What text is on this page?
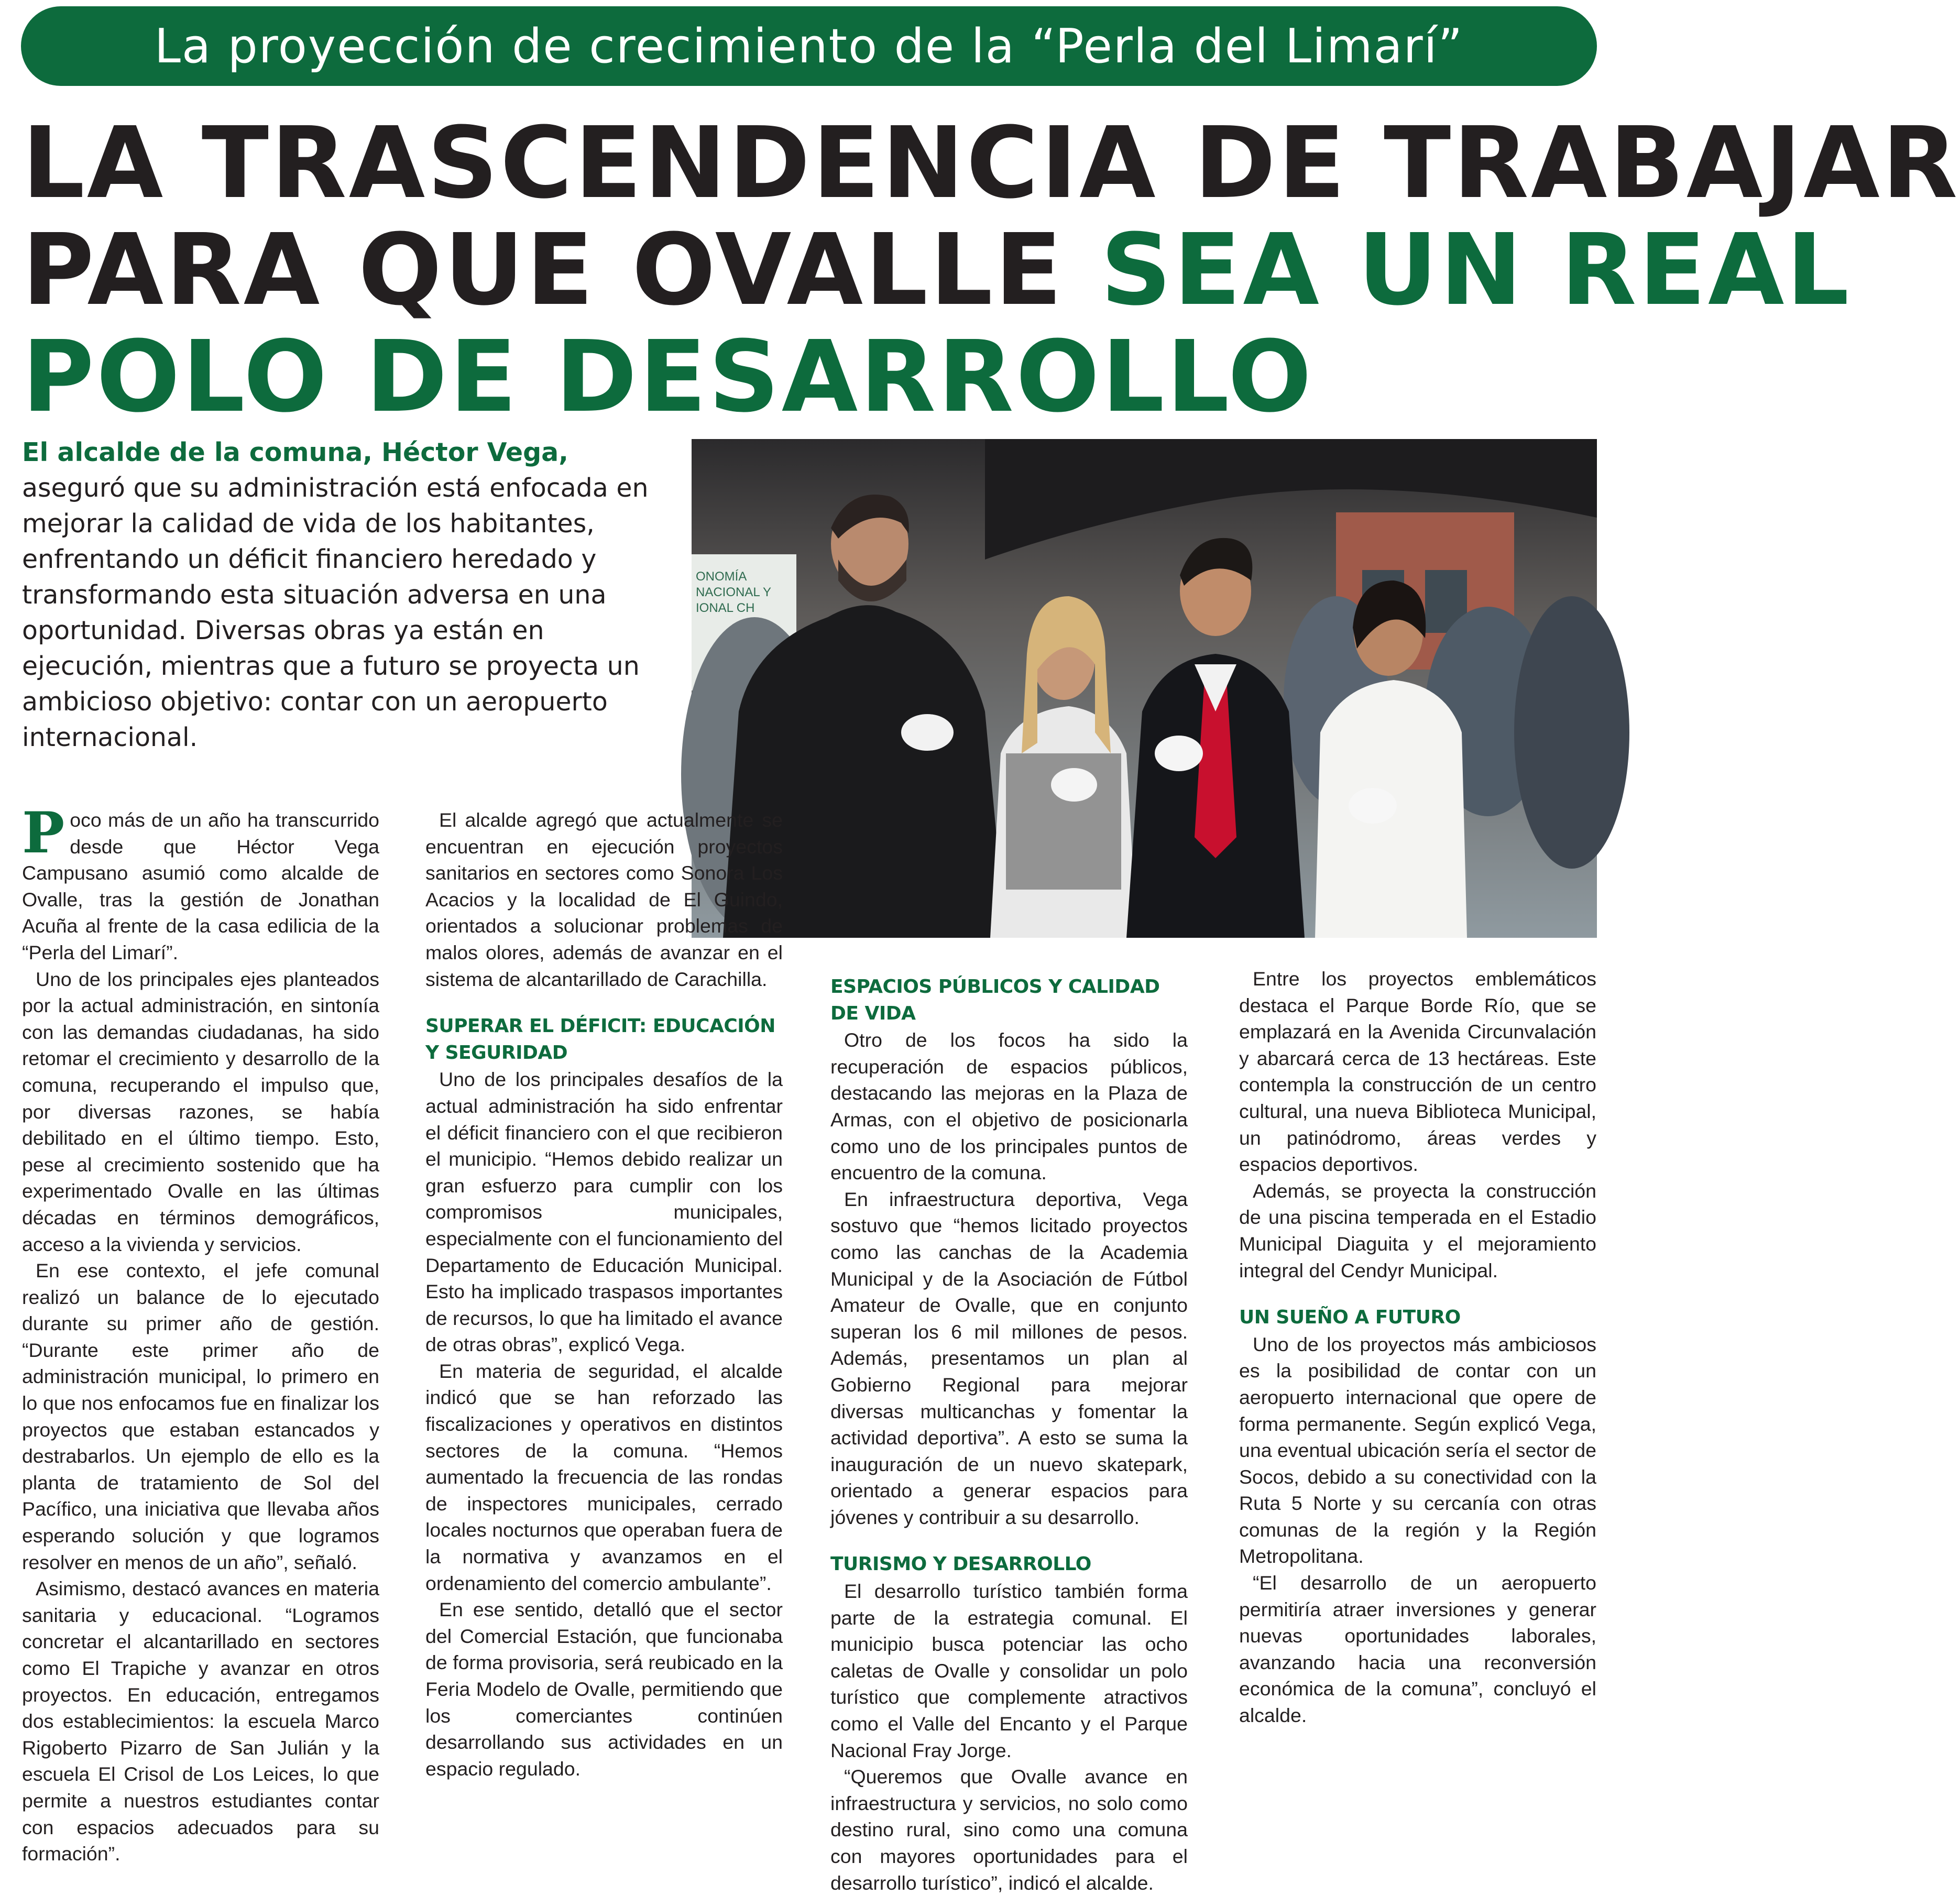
La proyección de crecimiento de la “Perla del Limarí”
LA TRASCENDENCIA DE TRABAJAR
PARA QUE OVALLE SEA UN REAL
POLO DE DESARROLLO

El alcalde de la comuna, Héctor Vega, aseguró que su administración está enfocada en mejorar la calidad de vida de los habitantes, enfrentando un déficit financiero heredado y transformando esta situación adversa en una oportunidad. Diversas obras ya están en ejecución, mientras que a futuro se proyecta un ambicioso objetivo: contar con un aeropuerto internacional.

ONOMÍA
NACIONAL Y
IONAL CH

Poco más de un año ha transcurrido desde que Héctor Vega Campusano asumió como alcalde de Ovalle, tras la gestión de Jonathan Acuña al frente de la casa edilicia de la “Perla del Limarí”.

Uno de los principales ejes planteados por la actual administración, en sintonía con las demandas ciudadanas, ha sido retomar el crecimiento y desarrollo de la comuna, recuperando el impulso que, por diversas razones, se había debilitado en el último tiempo. Esto, pese al crecimiento sostenido que ha experimentado Ovalle en las últimas décadas en términos demográficos, acceso a la vivienda y servicios.

En ese contexto, el jefe comunal realizó un balance de lo ejecutado durante su primer año de gestión. “Durante este primer año de administración municipal, lo primero en lo que nos enfocamos fue en finalizar los proyectos que estaban estancados y destrabarlos. Un ejemplo de ello es la planta de tratamiento de Sol del Pacífico, una iniciativa que llevaba años esperando solución y que logramos resolver en menos de un año”, señaló.

Asimismo, destacó avances en materia sanitaria y educacional. “Logramos concretar el alcantarillado en sectores como El Trapiche y avanzar en otros proyectos. En educación, entregamos dos establecimientos: la escuela Marco Rigoberto Pizarro de San Julián y la escuela El Crisol de Los Leices, lo que permite a nuestros estudiantes contar con espacios adecuados para su formación”.

El alcalde agregó que actualmente se encuentran en ejecución proyectos sanitarios en sectores como Sonora Los Acacios y la localidad de El Guindo, orientados a solucionar problemas de malos olores, además de avanzar en el sistema de alcantarillado de Carachilla.

SUPERAR EL DÉFICIT: EDUCACIÓN Y SEGURIDAD

Uno de los principales desafíos de la actual administración ha sido enfrentar el déficit financiero con el que recibieron el municipio. “Hemos debido realizar un gran esfuerzo para cumplir con los compromisos municipales, especialmente con el funcionamiento del Departamento de Educación Municipal. Esto ha implicado traspasos importantes de recursos, lo que ha limitado el avance de otras obras”, explicó Vega.

En materia de seguridad, el alcalde indicó que se han reforzado las fiscalizaciones y operativos en distintos sectores de la comuna. “Hemos aumentado la frecuencia de las rondas de inspectores municipales, cerrado locales nocturnos que operaban fuera de la normativa y avanzamos en el ordenamiento del comercio ambulante”.

En ese sentido, detalló que el sector del Comercial Estación, que funcionaba de forma provisoria, será reubicado en la Feria Modelo de Ovalle, permitiendo que los comerciantes continúen desarrollando sus actividades en un espacio regulado.

ESPACIOS PÚBLICOS Y CALIDAD DE VIDA

Otro de los focos ha sido la recuperación de espacios públicos, destacando las mejoras en la Plaza de Armas, con el objetivo de posicionarla como uno de los principales puntos de encuentro de la comuna.

En infraestructura deportiva, Vega sostuvo que “hemos licitado proyectos como las canchas de la Academia Municipal y de la Asociación de Fútbol Amateur de Ovalle, que en conjunto superan los 6 mil millones de pesos. Además, presentamos un plan al Gobierno Regional para mejorar diversas multicanchas y fomentar la actividad deportiva”. A esto se suma la inauguración de un nuevo skatepark, orientado a generar espacios para jóvenes y contribuir a su desarrollo.

TURISMO Y DESARROLLO

El desarrollo turístico también forma parte de la estrategia comunal. El municipio busca potenciar las ocho caletas de Ovalle y consolidar un polo turístico que complemente atractivos como el Valle del Encanto y el Parque Nacional Fray Jorge.

“Queremos que Ovalle avance en infraestructura y servicios, no solo como destino rural, sino como una comuna con mayores oportunidades para el desarrollo turístico”, indicó el alcalde.

Entre los proyectos emblemáticos destaca el Parque Borde Río, que se emplazará en la Avenida Circunvalación y abarcará cerca de 13 hectáreas. Este contempla la construcción de un centro cultural, una nueva Biblioteca Municipal, un patinódromo, áreas verdes y espacios deportivos.

Además, se proyecta la construcción de una piscina temperada en el Estadio Municipal Diaguita y el mejoramiento integral del Cendyr Municipal.

UN SUEÑO A FUTURO

Uno de los proyectos más ambiciosos es la posibilidad de contar con un aeropuerto internacional que opere de forma permanente. Según explicó Vega, una eventual ubicación sería el sector de Socos, debido a su conectividad con la Ruta 5 Norte y su cercanía con otras comunas de la región y la Región Metropolitana.

“El desarrollo de un aeropuerto permitiría atraer inversiones y generar nuevas oportunidades laborales, avanzando hacia una reconversión económica de la comuna”, concluyó el alcalde.
